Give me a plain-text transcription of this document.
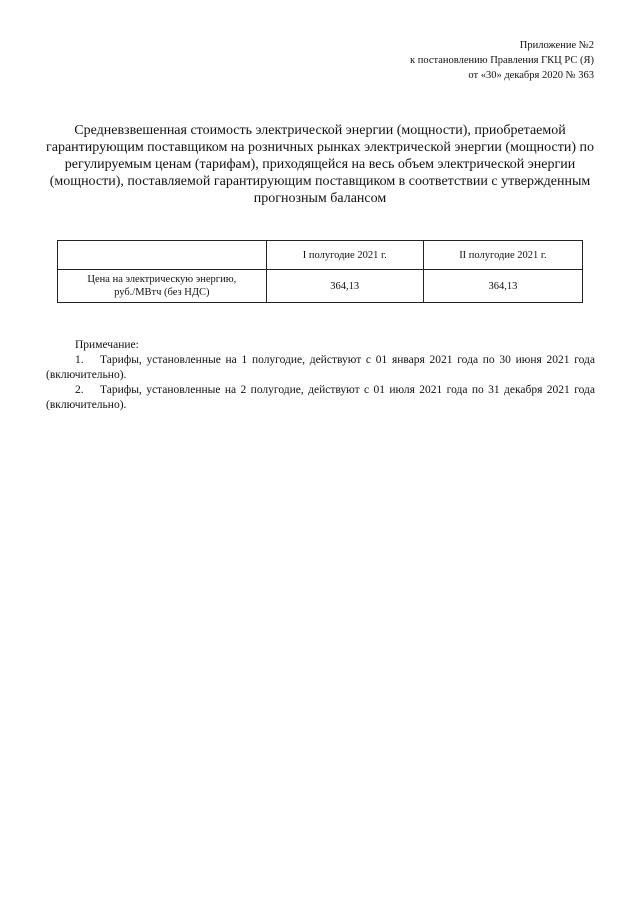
Приложение №2
к постановлению Правления ГКЦ РС (Я)
от «30» декабря 2020 № 363
Средневзвешенная стоимость электрической энергии (мощности), приобретаемой гарантирующим поставщиком на розничных рынках электрической энергии (мощности) по регулируемым ценам (тарифам), приходящейся на весь объем электрической энергии (мощности), поставляемой гарантирующим поставщиком в соответствии с утвержденным прогнозным балансом
	I полугодие 2021 г.	II полугодие 2021 г.

Цена на электрическую энергию,
руб./МВтч (без НДС)	364,13	364,13
Примечание:

1. Тарифы, установленные на 1 полугодие, действуют с 01 января 2021 года по 30 июня 2021 года (включительно).

2. Тарифы, установленные на 2 полугодие, действуют с 01 июля 2021 года по 31 декабря 2021 года (включительно).
